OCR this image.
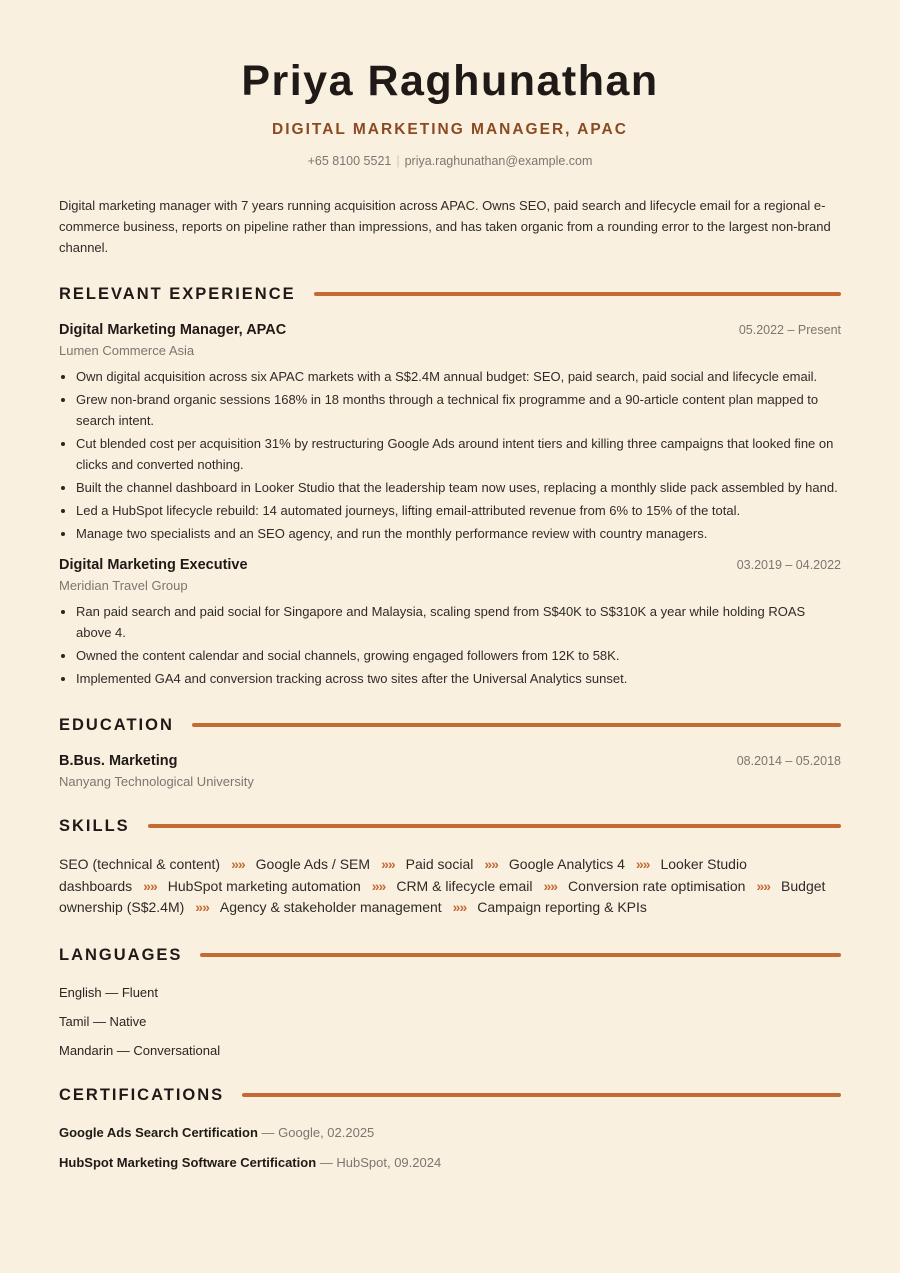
Priya Raghunathan
DIGITAL MARKETING MANAGER, APAC
+65 8100 5521 | priya.raghunathan@example.com

Digital marketing manager with 7 years running acquisition across APAC. Owns SEO, paid search and lifecycle email for a regional e-commerce business, reports on pipeline rather than impressions, and has taken organic from a rounding error to the largest non-brand channel.

RELEVANT EXPERIENCE
Digital Marketing Manager, APAC	05.2022 – Present
Lumen Commerce Asia
• Own digital acquisition across six APAC markets with a S$2.4M annual budget: SEO, paid search, paid social and lifecycle email.
• Grew non-brand organic sessions 168% in 18 months through a technical fix programme and a 90-article content plan mapped to search intent.
• Cut blended cost per acquisition 31% by restructuring Google Ads around intent tiers and killing three campaigns that looked fine on clicks and converted nothing.
• Built the channel dashboard in Looker Studio that the leadership team now uses, replacing a monthly slide pack assembled by hand.
• Led a HubSpot lifecycle rebuild: 14 automated journeys, lifting email-attributed revenue from 6% to 15% of the total.
• Manage two specialists and an SEO agency, and run the monthly performance review with country managers.
Digital Marketing Executive	03.2019 – 04.2022
Meridian Travel Group
• Ran paid search and paid social for Singapore and Malaysia, scaling spend from S$40K to S$310K a year while holding ROAS above 4.
• Owned the content calendar and social channels, growing engaged followers from 12K to 58K.
• Implemented GA4 and conversion tracking across two sites after the Universal Analytics sunset.
EDUCATION
B.Bus. Marketing	08.2014 – 05.2018
Nanyang Technological University
SKILLS
SEO (technical & content) »» Google Ads / SEM »» Paid social »» Google Analytics 4 »» Looker Studio dashboards »» HubSpot marketing automation »» CRM & lifecycle email »» Conversion rate optimisation »» Budget ownership (S$2.4M) »» Agency & stakeholder management »» Campaign reporting & KPIs
LANGUAGES
English — Fluent
Tamil — Native
Mandarin — Conversational
CERTIFICATIONS
Google Ads Search Certification — Google, 02.2025
HubSpot Marketing Software Certification — HubSpot, 09.2024
